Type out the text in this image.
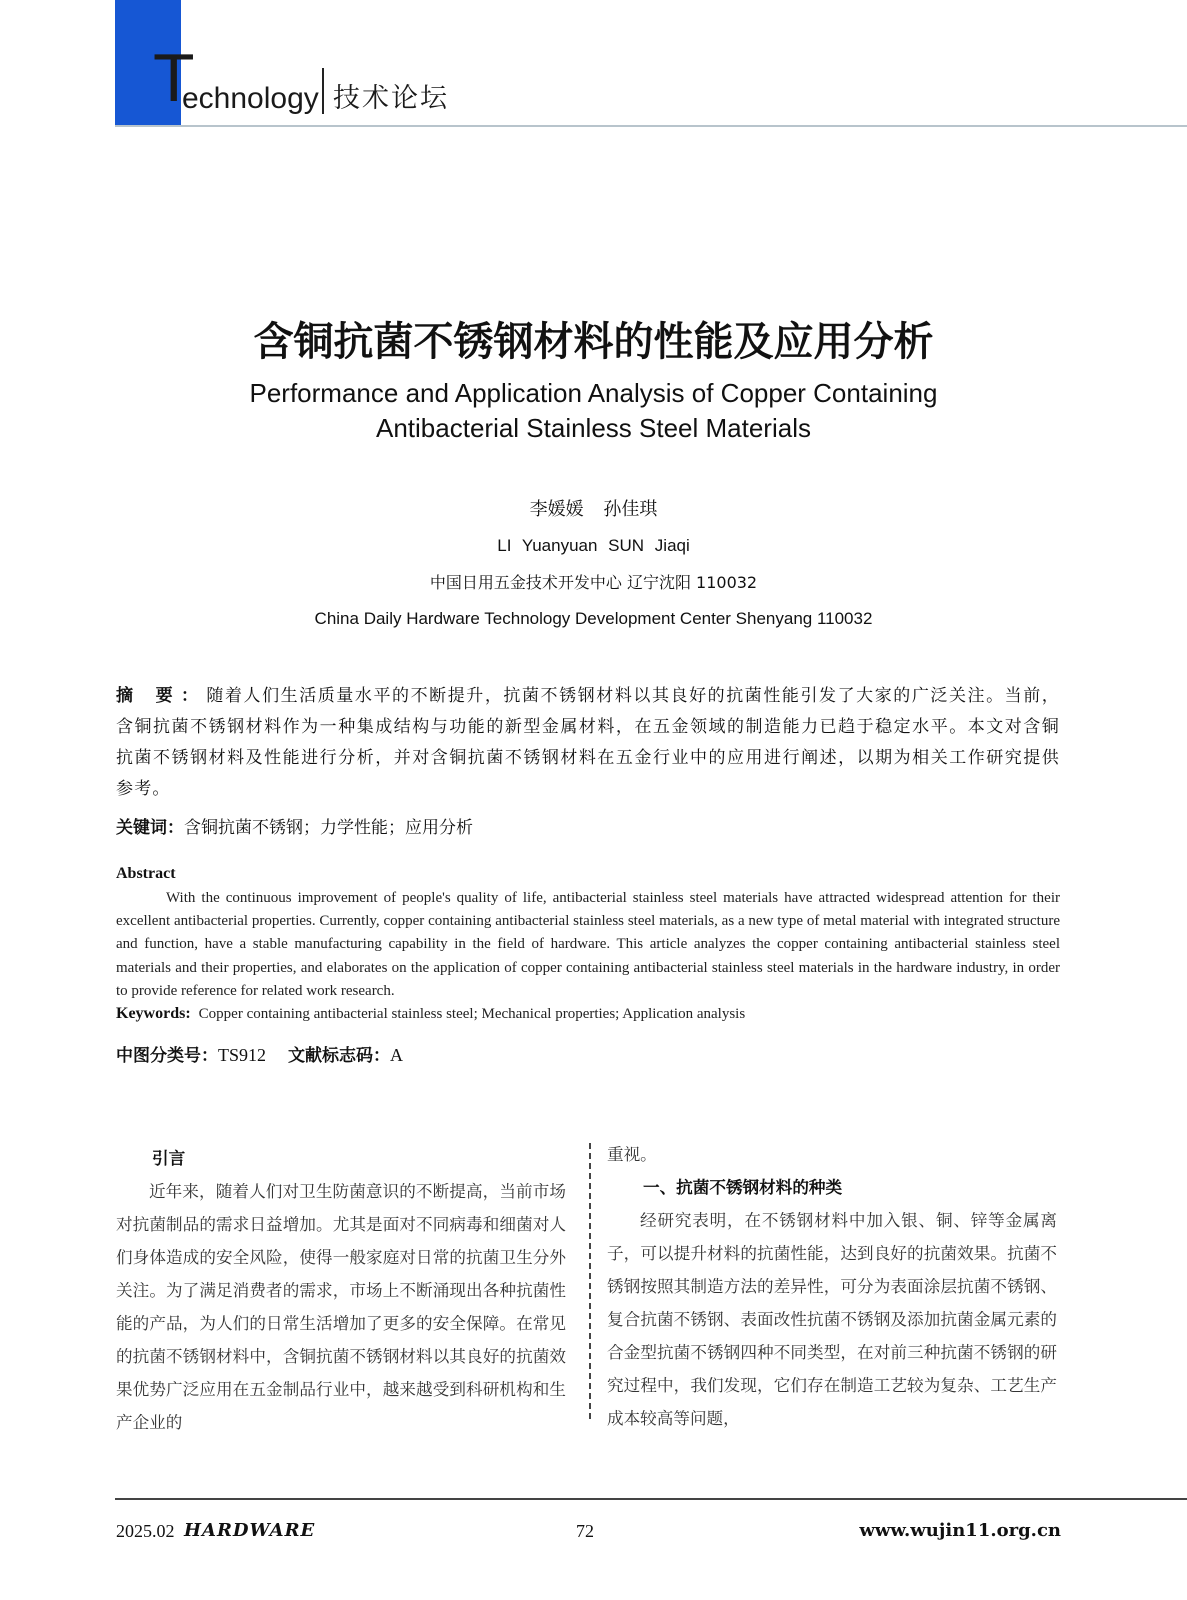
T
echnology 技术论坛
含铜抗菌不锈钢材料的性能及应用分析
Performance and Application Analysis of Copper Containing
Antibacterial Stainless Steel Materials
李媛媛 孙佳琪
LI Yuanyuan SUN Jiaqi
中国日用五金技术开发中心 辽宁沈阳 110032
China Daily Hardware Technology Development Center Shenyang 110032
摘 要：随着人们生活质量水平的不断提升，抗菌不锈钢材料以其良好的抗菌性能引发了大家的广泛关注。当前，含铜抗菌不锈钢材料作为一种集成结构与功能的新型金属材料，在五金领域的制造能力已趋于稳定水平。本文对含铜抗菌不锈钢材料及性能进行分析，并对含铜抗菌不锈钢材料在五金行业中的应用进行阐述，以期为相关工作研究提供参考。
关键词：含铜抗菌不锈钢；力学性能；应用分析
Abstract
With the continuous improvement of people's quality of life, antibacterial stainless steel materials have attracted widespread attention for their excellent antibacterial properties. Currently, copper containing antibacterial stainless steel materials, as a new type of metal material with integrated structure and function, have a stable manufacturing capability in the field of hardware. This article analyzes the copper containing antibacterial stainless steel materials and their properties, and elaborates on the application of copper containing antibacterial stainless steel materials in the hardware industry, in order to provide reference for related work research.
Keywords: Copper containing antibacterial stainless steel; Mechanical properties; Application analysis
中图分类号：TS912 文献标志码：A

引言

近年来，随着人们对卫生防菌意识的不断提高，当前市场对抗菌制品的需求日益增加。尤其是面对不同病毒和细菌对人们身体造成的安全风险，使得一般家庭对日常的抗菌卫生分外关注。为了满足消费者的需求，市场上不断涌现出各种抗菌性能的产品，为人们的日常生活增加了更多的安全保障。在常见的抗菌不锈钢材料中，含铜抗菌不锈钢材料以其良好的抗菌效果优势广泛应用在五金制品行业中，越来越受到科研机构和生产企业的

重视。

一、抗菌不锈钢材料的种类

经研究表明，在不锈钢材料中加入银、铜、锌等金属离子，可以提升材料的抗菌性能，达到良好的抗菌效果。抗菌不锈钢按照其制造方法的差异性，可分为表面涂层抗菌不锈钢、复合抗菌不锈钢、表面改性抗菌不锈钢及添加抗菌金属元素的合金型抗菌不锈钢四种不同类型，在对前三种抗菌不锈钢的研究过程中，我们发现，它们存在制造工艺较为复杂、工艺生产成本较高等问题，

2025.02 HARDWARE	72	www.wujin11.org.cn
